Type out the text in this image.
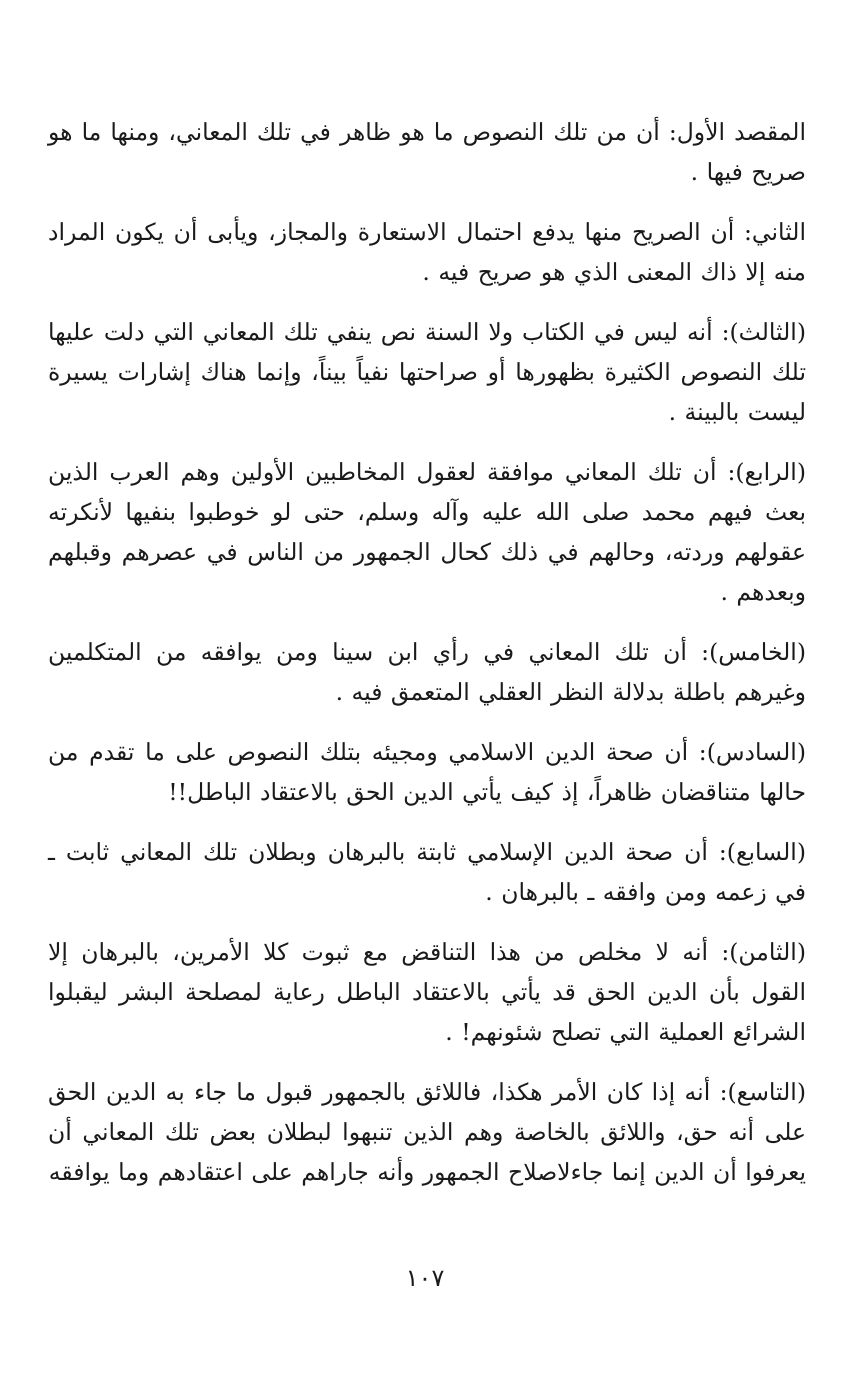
المقصد الأول: أن من تلك النصوص ما هو ظاهر في تلك المعاني، ومنها ما هو صريح فيها .

الثاني: أن الصريح منها يدفع احتمال الاستعارة والمجاز، ويأبى أن يكون المراد منه إلا ذاك المعنى الذي هو صريح فيه .

(الثالث): أنه ليس في الكتاب ولا السنة نص ينفي تلك المعاني التي دلت عليها تلك النصوص الكثيرة بظهورها أو صراحتها نفياً بيناً، وإنما هناك إشارات يسيرة ليست بالبينة .

(الرابع): أن تلك المعاني موافقة لعقول المخاطبين الأولين وهم العرب الذين بعث فيهم محمد صلى الله عليه وآله وسلم، حتى لو خوطبوا بنفيها لأنكرته عقولهم وردته، وحالهم في ذلك كحال الجمهور من الناس في عصرهم وقبلهم وبعدهم .

(الخامس): أن تلك المعاني في رأي ابن سينا ومن يوافقه من المتكلمين وغيرهم باطلة بدلالة النظر العقلي المتعمق فيه .

(السادس): أن صحة الدين الاسلامي ومجيئه بتلك النصوص على ما تقدم من حالها متناقضان ظاهراً، إذ كيف يأتي الدين الحق بالاعتقاد الباطل!!

(السابع): أن صحة الدين الإسلامي ثابتة بالبرهان وبطلان تلك المعاني ثابت ـ في زعمه ومن وافقه ـ بالبرهان .

(الثامن): أنه لا مخلص من هذا التناقض مع ثبوت كلا الأمرين، بالبرهان إلا القول بأن الدين الحق قد يأتي بالاعتقاد الباطل رعاية لمصلحة البشر ليقبلوا الشرائع العملية التي تصلح شئونهم! .

(التاسع): أنه إذا كان الأمر هكذا، فاللائق بالجمهور قبول ما جاء به الدين الحق على أنه حق، واللائق بالخاصة وهم الذين تنبهوا لبطلان بعض تلك المعاني أن يعرفوا أن الدين إنما جاءلاصلاح الجمهور وأنه جاراهم على اعتقادهم وما يوافقه

١٠٧
